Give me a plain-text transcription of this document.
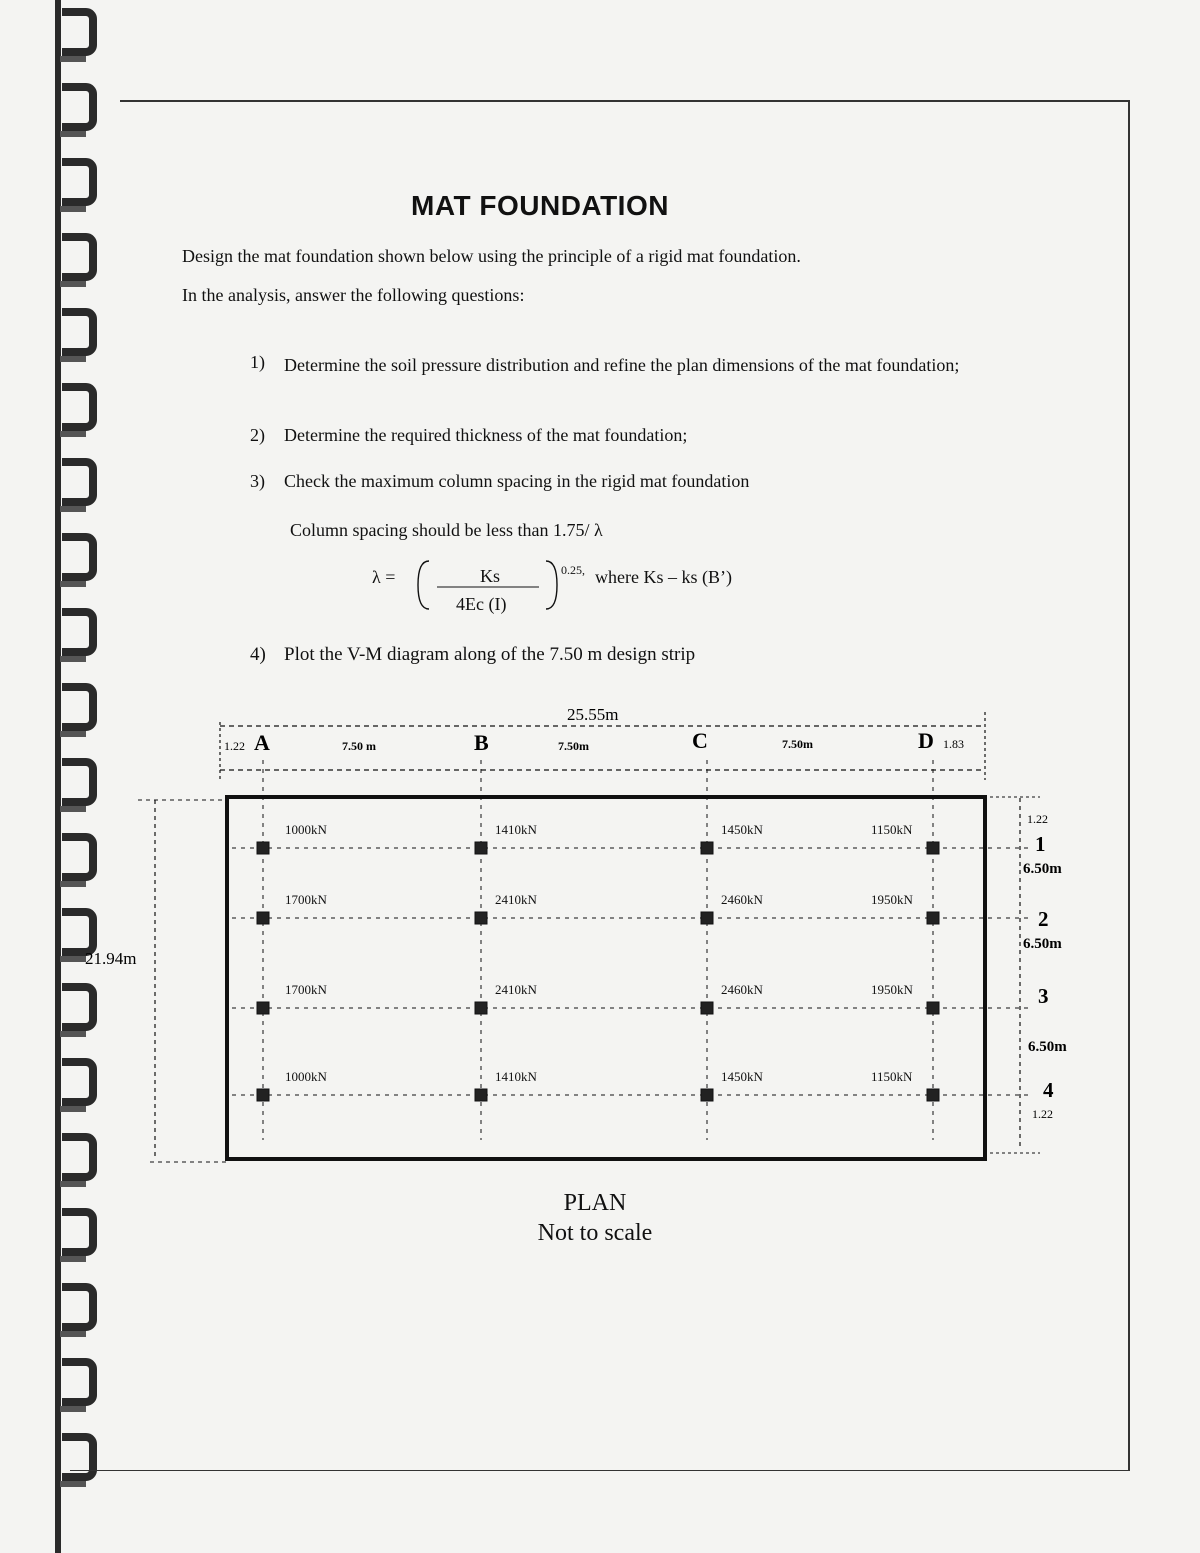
MAT FOUNDATION
Design the mat foundation shown below using the principle of a rigid mat foundation.
In the analysis, answer the following questions:
1) Determine the soil pressure distribution and refine the plan dimensions of the mat foundation;
2) Determine the required thickness of the mat foundation;
3) Check the maximum column spacing in the rigid mat foundation
Column spacing should be less than 1.75/ λ
λ =	Ks
4Ec (I)
0.25, where Ks – ks (B’)
4) Plot the V-M diagram along of the 7.50 m design strip
1000kN	1410kN	1450kN	1150kN
1700kN	2410kN	2460kN	1950kN
1700kN	2410kN	2460kN	1950kN
1000kN	1410kN	1450kN	1150kN
25.55m
21.94m
A	B	C	D
1.22	7.50 m	7.50m	7.50m	1.83
1.22
6.50m
6.50m
6.50m
1.22
1
2
3
4
PLAN
Not to scale
